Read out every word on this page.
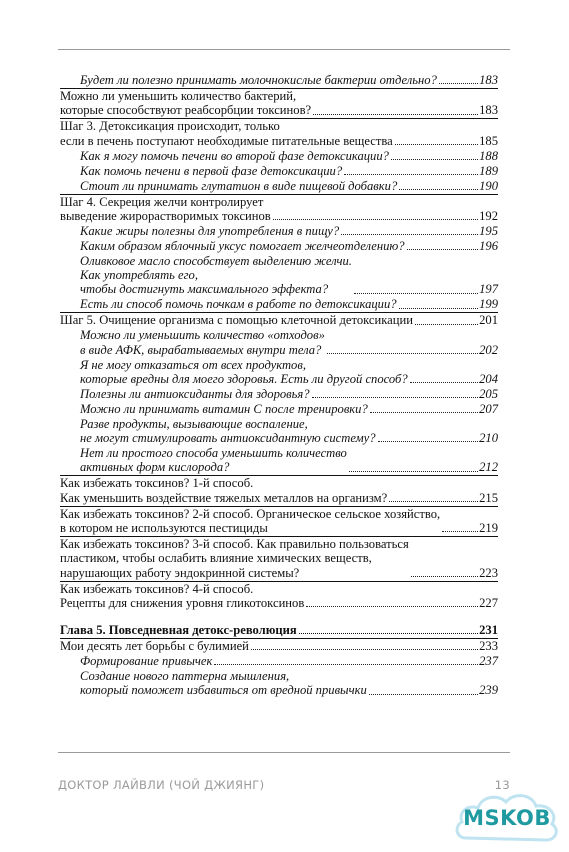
Будет ли полезно принимать молочнокислые бактерии отдельно?	183
Можно ли уменьшить количество бактерий,
которые способствуют реабсорбции токсинов?	183
Шаг 3. Детоксикация происходит, только
если в печень поступают необходимые питательные вещества	185
Как я могу помочь печени во второй фазе детоксикации?	188
Как помочь печени в первой фазе детоксикации?	189
Стоит ли принимать глутатион в виде пищевой добавки?	190
Шаг 4. Секреция желчи контролирует
выведение жирорастворимых токсинов	192
Какие жиры полезны для употребления в пищу?	195
Каким образом яблочный уксус помогает желчеотделению?	196
Оливковое масло способствует выделению желчи.
Как употреблять его,
чтобы достигнуть максимального эффекта?	197
Есть ли способ помочь почкам в работе по детоксикации?	199
Шаг 5. Очищение организма с помощью клеточной детоксикации	201
Можно ли уменьшить количество «отходов»
в виде АФК, вырабатываемых внутри тела?	202
Я не могу отказаться от всех продуктов,
которые вредны для моего здоровья. Есть ли другой способ?	204
Полезны ли антиоксиданты для здоровья?	205
Можно ли принимать витамин С после тренировки?	207
Разве продукты, вызывающие воспаление,
не могут стимулировать антиоксидантную систему?	210
Нет ли простого способа уменьшить количество
активных форм кислорода?	212
Как избежать токсинов? 1-й способ.
Как уменьшить воздействие тяжелых металлов на организм?	215
Как избежать токсинов? 2-й способ. Органическое сельское хозяйство,
в котором не используются пестициды	219
Как избежать токсинов? 3-й способ. Как правильно пользоваться
пластиком, чтобы ослабить влияние химических веществ,
нарушающих работу эндокринной системы?	223
Как избежать токсинов? 4-й способ.
Рецепты для снижения уровня гликотоксинов	227
Глава 5. Повседневная детокс-революция	231
Мои десять лет борьбы с булимией	233
Формирование привычек	237
Создание нового паттерна мышления,
который поможет избавиться от вредной привычки	239
ДОКТОР ЛАЙВЛИ (ЧОЙ ДЖИЯНГ)	13
MSKOB
